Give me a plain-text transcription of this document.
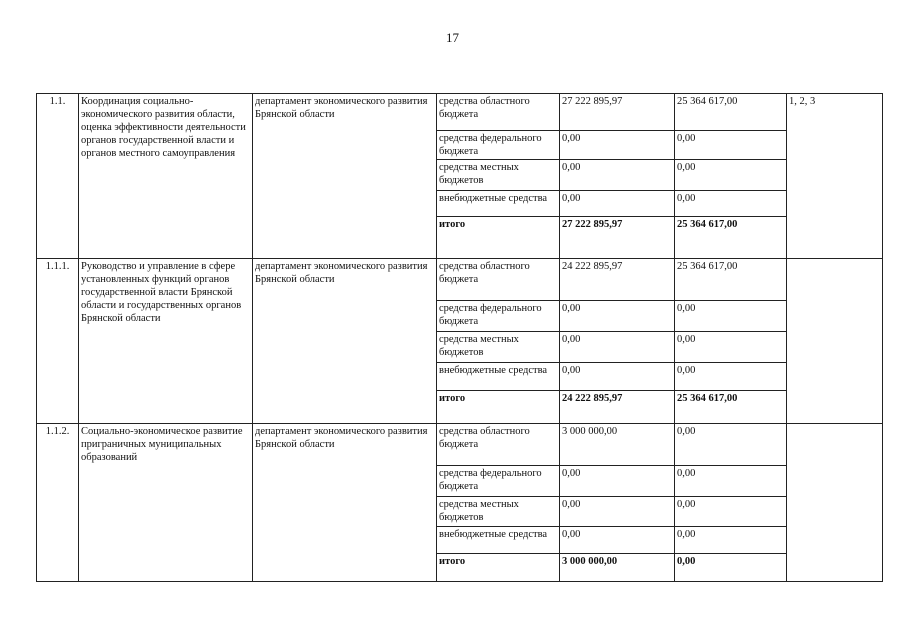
17
1.1.	Координация социально-экономического развития области, оценка эффективности деятельности органов государственной власти и органов местного самоуправления	департамент экономического развития Брянской области	средства областного бюджета	27 222 895,97	25 364 617,00	1, 2, 3
			средства федерального бюджета	0,00	0,00	
			средства местных бюджетов	0,00	0,00	
			внебюджетные средства	0,00	0,00	
			итого	27 222 895,97	25 364 617,00	
1.1.1.	Руководство и управление в сфере установленных функций органов государственной власти Брянской области и государственных органов Брянской области	департамент экономического развития Брянской области	средства областного бюджета	24 222 895,97	25 364 617,00	
			средства федерального бюджета	0,00	0,00	
			средства местных бюджетов	0,00	0,00	
			внебюджетные средства	0,00	0,00	
			итого	24 222 895,97	25 364 617,00	
1.1.2.	Социально-экономическое развитие приграничных муниципальных образований	департамент экономического развития Брянской области	средства областного бюджета	3 000 000,00	0,00	
			средства федерального бюджета	0,00	0,00	
			средства местных бюджетов	0,00	0,00	
			внебюджетные средства	0,00	0,00	
			итого	3 000 000,00	0,00	
